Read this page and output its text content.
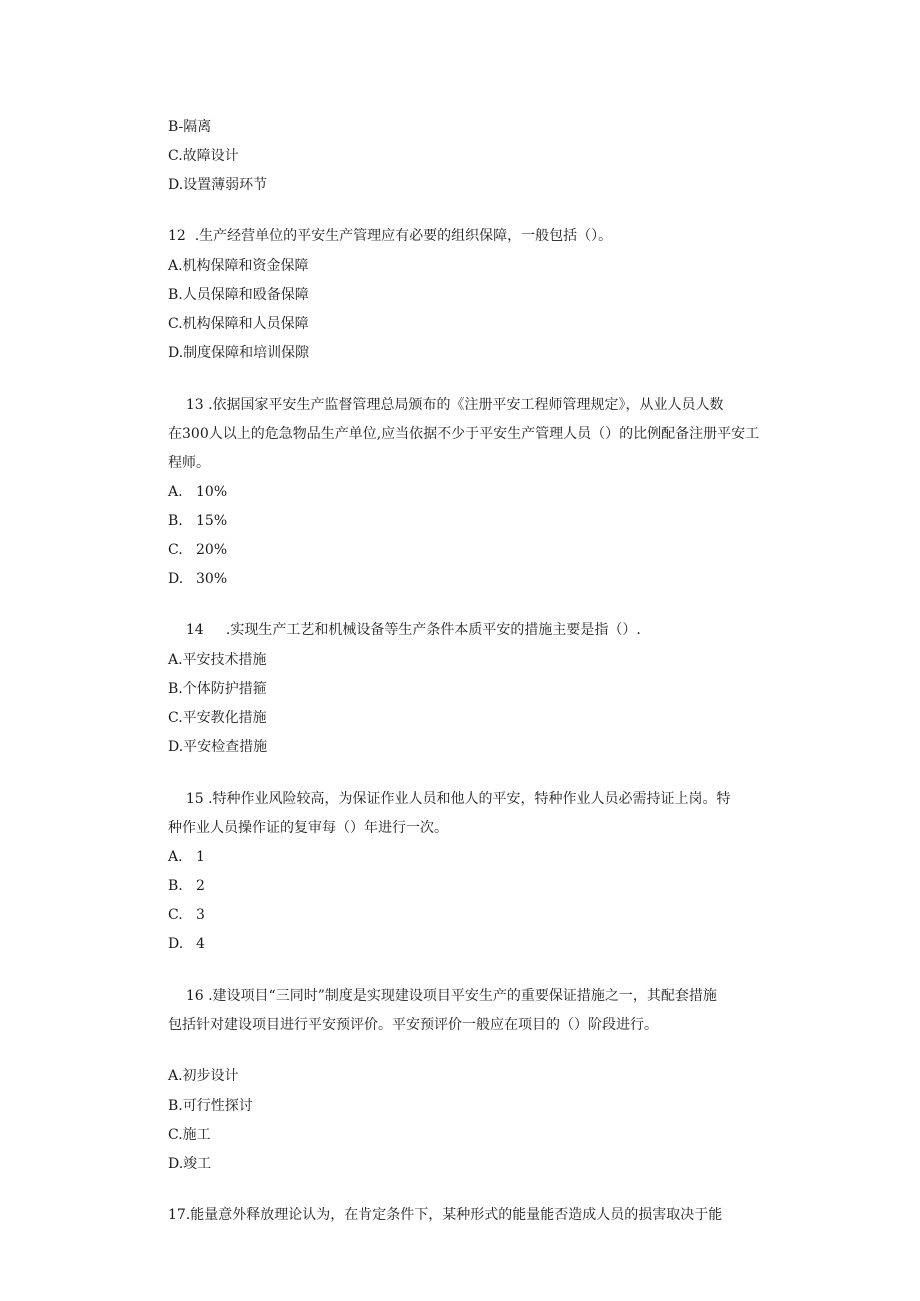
B-隔离
C.故障设计
D.设置薄弱环节
12 .生产经营单位的平安生产管理应有必要的组织保障，一般包括（）。
A.机构保障和资金保障
B.人员保障和殴备保障
C.机构保障和人员保障
D.制度保障和培训保隙
13 .依据国家平安生产监督管理总局颁布的《注册平安工程师管理规定》，从业人员人数
在300人以上的危急物品生产单位,应当依据不少于平安生产管理人员（）的比例配备注册平安工
程师。
A. 10%
B. 15%
C. 20%
D. 30%
14 .实现生产工艺和机械设备等生产条件本质平安的措施主要是指（）.
A.平安技术措施
B.个体防护措箍
C.平安教化措施
D.平安检查措施
15 .特种作业风险较高，为保证作业人员和他人的平安，特种作业人员必需持证上岗。特
种作业人员操作证的复审每（）年进行一次。
A. 1
B. 2
C. 3
D. 4
16 .建设项目“三同时”制度是实现建设项目平安生产的重要保证措施之一，其配套措施
包括针对建设项目进行平安预评价。平安预评价一般应在项目的（）阶段进行。
A.初步设计
B.可行性探讨
C.施工
D.竣工
17.能量意外释放理论认为，在肯定条件下，某种形式的能量能否造成人员的损害取决于能
